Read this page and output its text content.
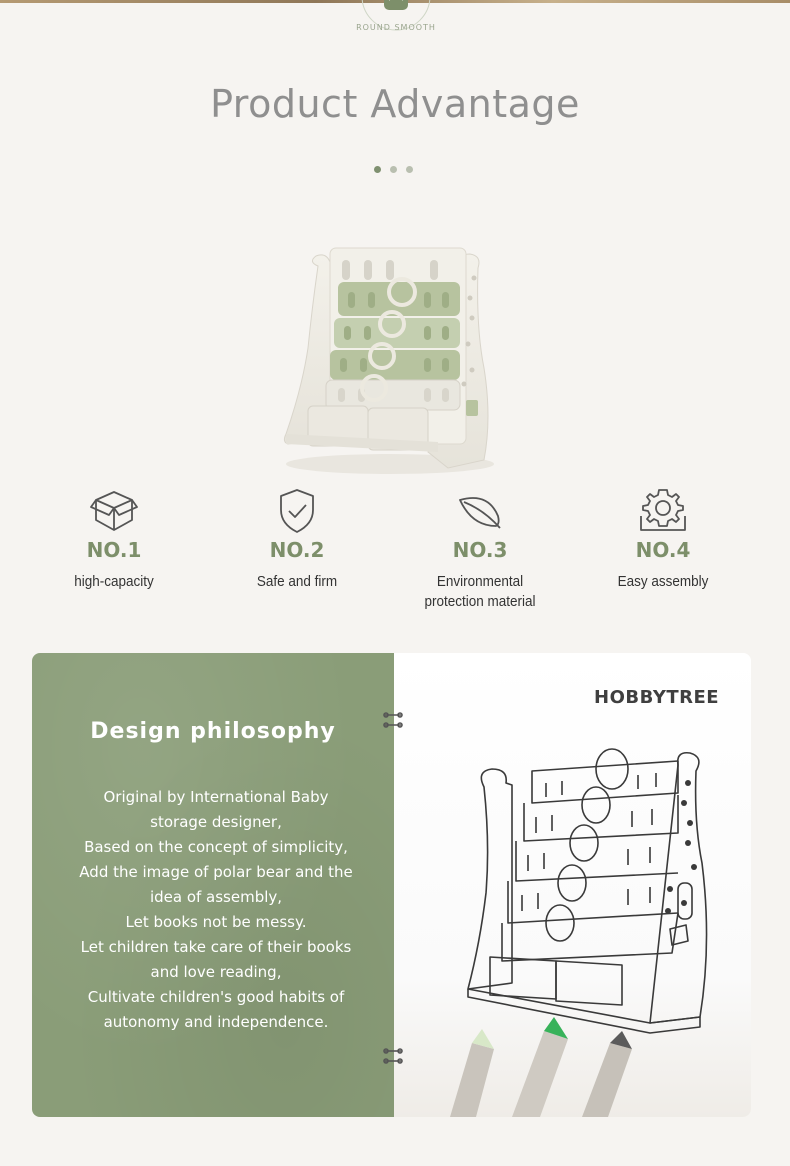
ROUND SMOOTH
Product Advantage
NO.1
high-capacity
NO.2
Safe and firm
NO.3
Environmental protection material
NO.4
Easy assembly
Design philosophy
Original by International Baby
storage designer,
Based on the concept of simplicity,
Add the image of polar bear and the
idea of assembly,
Let books not be messy.
Let children take care of their books
and love reading,
Cultivate children's good habits of
autonomy and independence.
HOBBYTREE
